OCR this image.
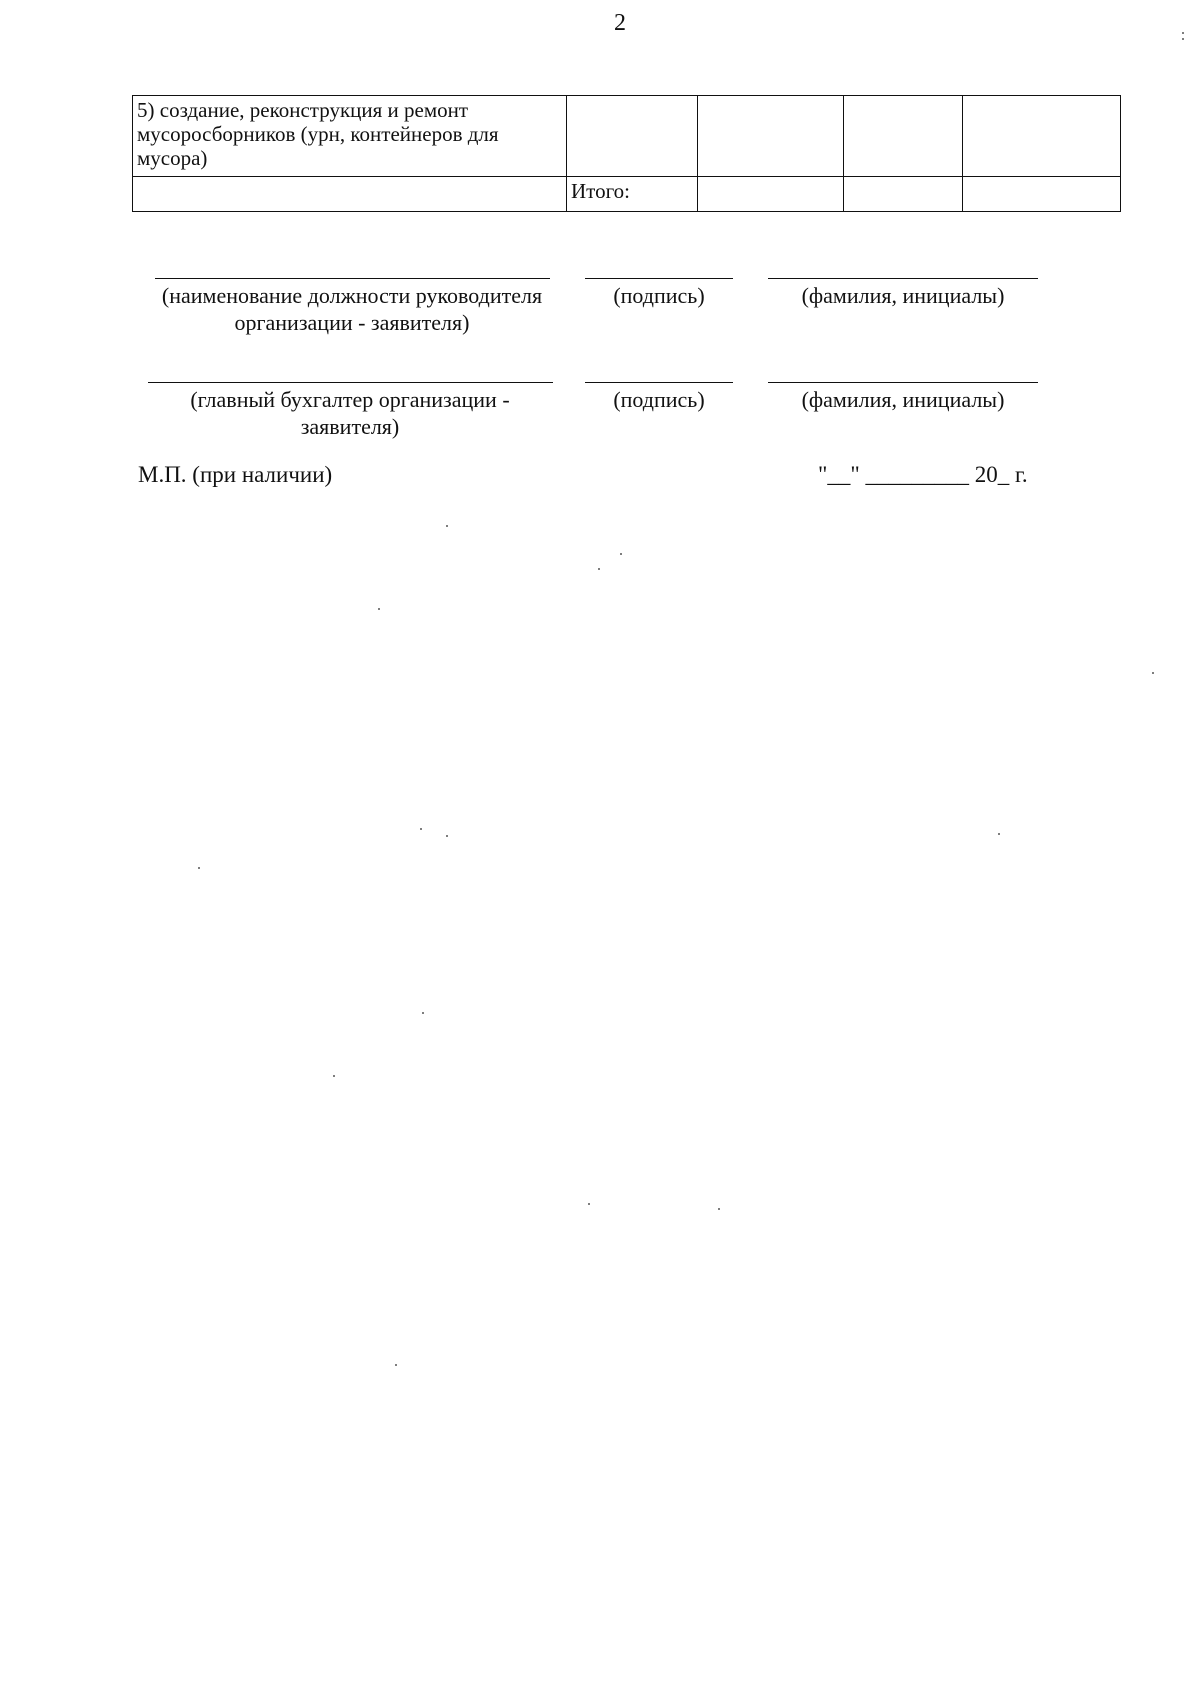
2
5) создание, реконструкция и ремонт мусоросборников (урн, контейнеров для мусора)				
	Итого:			
(наименование должности руководителя организации - заявителя)
(подпись)	(фамилия, инициалы)
(главный бухгалтер организации - заявителя)
(подпись)	(фамилия, инициалы)
М.П. (при наличии)	"__" _________ 20_ г.
